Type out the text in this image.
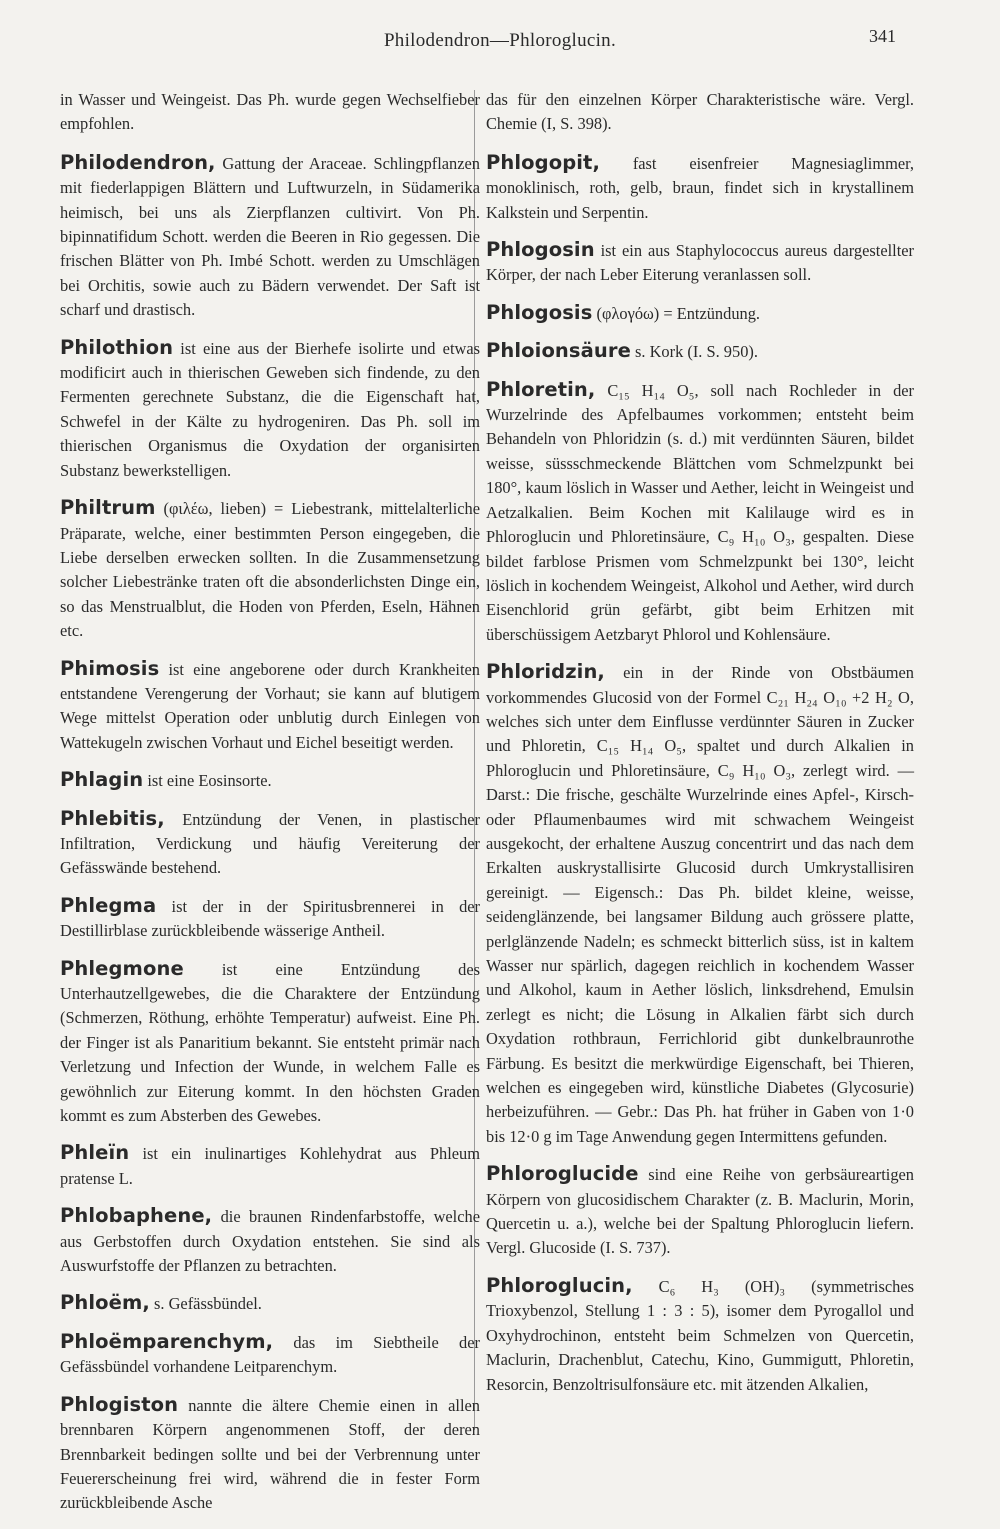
Philodendron—Phloroglucin.	341

in Wasser und Weingeist. Das Ph. wurde gegen Wechselfieber empfohlen.

Philodendron, Gattung der Araceae. Schlingpflanzen mit fiederlappigen Blättern und Luftwurzeln, in Südamerika heimisch, bei uns als Zierpflanzen cultivirt. Von Ph. bipinnatifidum Schott. werden die Beeren in Rio gegessen. Die frischen Blätter von Ph. Imbé Schott. werden zu Umschlägen bei Orchitis, sowie auch zu Bädern verwendet. Der Saft ist scharf und drastisch.

Philothion ist eine aus der Bierhefe isolirte und etwas modificirt auch in thierischen Geweben sich findende, zu den Fermenten gerechnete Substanz, die die Eigenschaft hat, Schwefel in der Kälte zu hydrogeniren. Das Ph. soll im thierischen Organismus die Oxydation der organisirten Substanz bewerkstelligen.

Philtrum (φιλέω, lieben) = Liebestrank, mittelalterliche Präparate, welche, einer bestimmten Person eingegeben, die Liebe derselben erwecken sollten. In die Zusammensetzung solcher Liebestränke traten oft die absonderlichsten Dinge ein, so das Menstrualblut, die Hoden von Pferden, Eseln, Hähnen etc.

Phimosis ist eine angeborene oder durch Krankheiten entstandene Verengerung der Vorhaut; sie kann auf blutigem Wege mittelst Operation oder unblutig durch Einlegen von Wattekugeln zwischen Vorhaut und Eichel beseitigt werden.

Phlagin ist eine Eosinsorte.

Phlebitis, Entzündung der Venen, in plastischer Infiltration, Verdickung und häufig Vereiterung der Gefässwände bestehend.

Phlegma ist der in der Spiritusbrennerei in der Destillirblase zurückbleibende wässerige Antheil.

Phlegmone ist eine Entzündung des Unterhautzellgewebes, die die Charaktere der Entzündung (Schmerzen, Röthung, erhöhte Temperatur) aufweist. Eine Ph. der Finger ist als Panaritium bekannt. Sie entsteht primär nach Verletzung und Infection der Wunde, in welchem Falle es gewöhnlich zur Eiterung kommt. In den höchsten Graden kommt es zum Absterben des Gewebes.

Phleïn ist ein inulinartiges Kohlehydrat aus Phleum pratense L.

Phlobaphene, die braunen Rindenfarbstoffe, welche aus Gerbstoffen durch Oxydation entstehen. Sie sind als Auswurfstoffe der Pflanzen zu betrachten.

Phloëm, s. Gefässbündel.

Phloëmparenchym, das im Siebtheile der Gefässbündel vorhandene Leitparenchym.

Phlogiston nannte die ältere Chemie einen in allen brennbaren Körpern angenommenen Stoff, der deren Brennbarkeit bedingen sollte und bei der Verbrennung unter Feuererscheinung frei wird, während die in fester Form zurückbleibende Asche

das für den einzelnen Körper Charakteristische wäre. Vergl. Chemie (I, S. 398).

Phlogopit, fast eisenfreier Magnesiaglimmer, monoklinisch, roth, gelb, braun, findet sich in krystallinem Kalkstein und Serpentin.

Phlogosin ist ein aus Staphylococcus aureus dargestellter Körper, der nach Leber Eiterung veranlassen soll.

Phlogosis (φλογόω) = Entzündung.

Phloionsäure s. Kork (I. S. 950).

Phloretin, C₁₅ H₁₄ O₅, soll nach Rochleder in der Wurzelrinde des Apfelbaumes vorkommen; entsteht beim Behandeln von Phloridzin (s. d.) mit verdünnten Säuren, bildet weisse, süssschmeckende Blättchen vom Schmelzpunkt bei 180°, kaum löslich in Wasser und Aether, leicht in Weingeist und Aetzalkalien. Beim Kochen mit Kalilauge wird es in Phloroglucin und Phloretinsäure, C₉ H₁₀ O₃, gespalten. Diese bildet farblose Prismen vom Schmelzpunkt bei 130°, leicht löslich in kochendem Weingeist, Alkohol und Aether, wird durch Eisenchlorid grün gefärbt, gibt beim Erhitzen mit überschüssigem Aetzbaryt Phlorol und Kohlensäure.

Phloridzin, ein in der Rinde von Obstbäumen vorkommendes Glucosid von der Formel C₂₁ H₂₄ O₁₀ +2 H₂ O, welches sich unter dem Einflusse verdünnter Säuren in Zucker und Phloretin, C₁₅ H₁₄ O₅, spaltet und durch Alkalien in Phloroglucin und Phloretinsäure, C₉ H₁₀ O₃, zerlegt wird. — Darst.: Die frische, geschälte Wurzelrinde eines Apfel-, Kirsch- oder Pflaumenbaumes wird mit schwachem Weingeist ausgekocht, der erhaltene Auszug concentrirt und das nach dem Erkalten auskrystallisirte Glucosid durch Umkrystallisiren gereinigt. — Eigensch.: Das Ph. bildet kleine, weisse, seidenglänzende, bei langsamer Bildung auch grössere platte, perlglänzende Nadeln; es schmeckt bitterlich süss, ist in kaltem Wasser nur spärlich, dagegen reichlich in kochendem Wasser und Alkohol, kaum in Aether löslich, linksdrehend, Emulsin zerlegt es nicht; die Lösung in Alkalien färbt sich durch Oxydation rothbraun, Ferrichlorid gibt dunkelbraunrothe Färbung. Es besitzt die merkwürdige Eigenschaft, bei Thieren, welchen es eingegeben wird, künstliche Diabetes (Glycosurie) herbeizuführen. — Gebr.: Das Ph. hat früher in Gaben von 1·0 bis 12·0 g im Tage Anwendung gegen Intermittens gefunden.

Phloroglucide sind eine Reihe von gerbsäureartigen Körpern von glucosidischem Charakter (z. B. Maclurin, Morin, Quercetin u. a.), welche bei der Spaltung Phloroglucin liefern. Vergl. Glucoside (I. S. 737).

Phloroglucin, C₆ H₃ (OH)₃ (symmetrisches Trioxybenzol, Stellung 1 : 3 : 5), isomer dem Pyrogallol und Oxyhydrochinon, entsteht beim Schmelzen von Quercetin, Maclurin, Drachenblut, Catechu, Kino, Gummigutt, Phloretin, Resorcin, Benzoltrisulfonsäure etc. mit ätzenden Alkalien,
